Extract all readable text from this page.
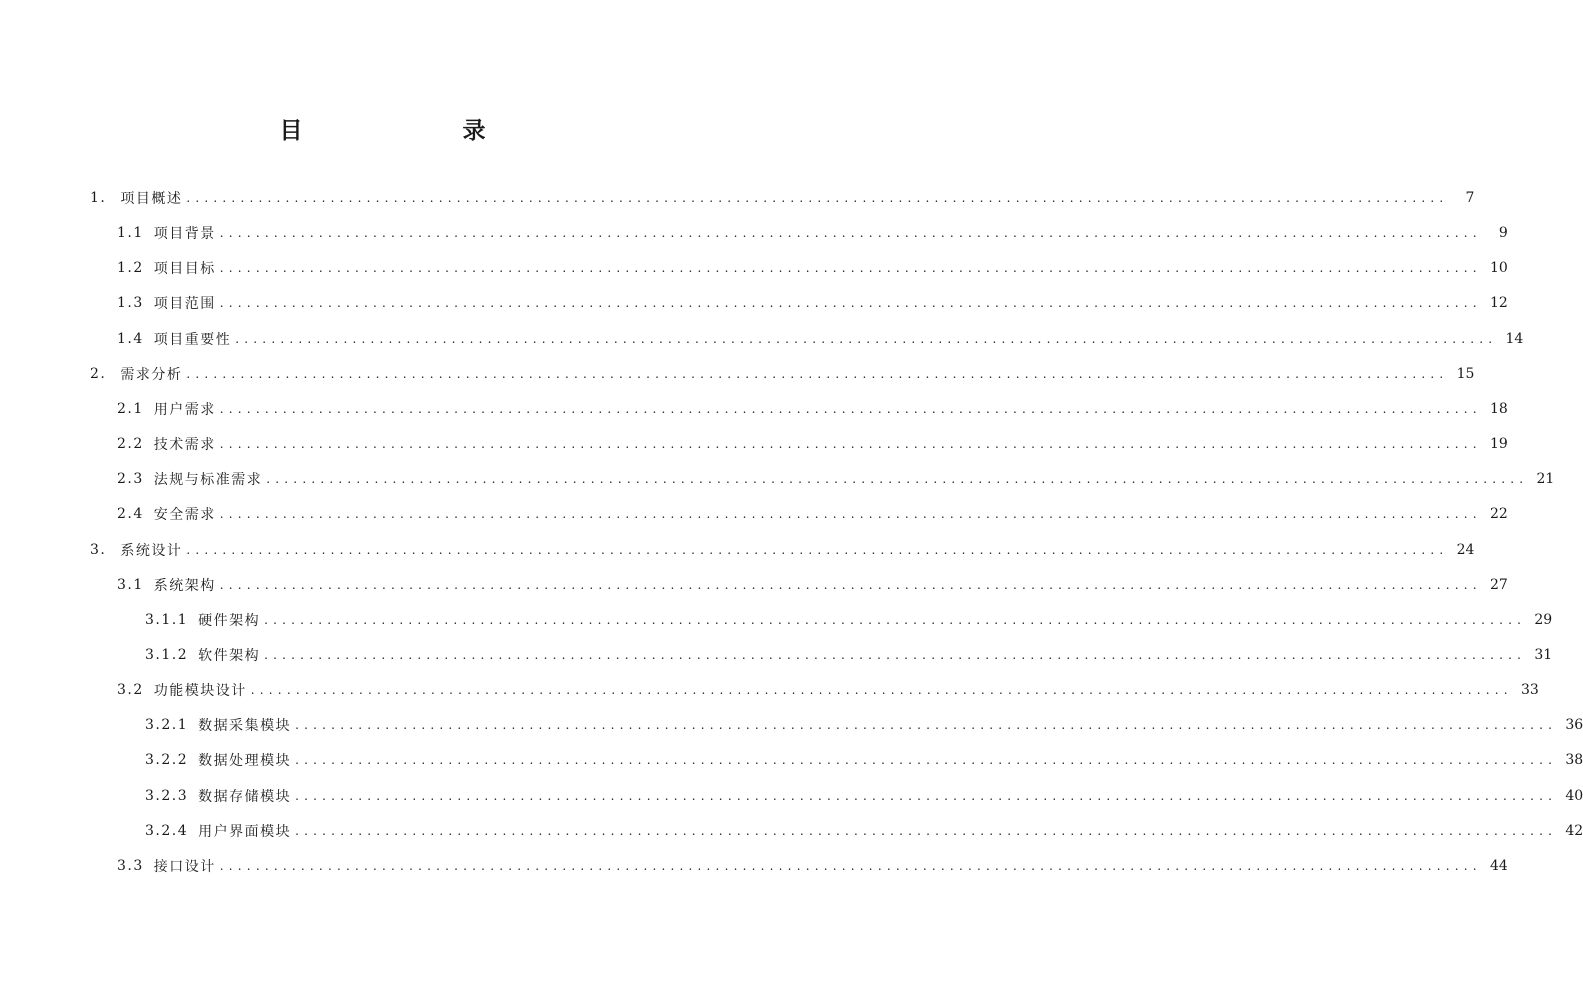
目　　录
1. 项目概述 ............................................................................................................................................	7
1.1 项目背景 ............................................................................................................................................	9
1.2 项目目标 ............................................................................................................................................ 10
1.3 项目范围 ............................................................................................................................................ 12
1.4 项目重要性 ............................................................................................................................................ 14
2. 需求分析 ............................................................................................................................................ 15
2.1 用户需求 ............................................................................................................................................ 18
2.2 技术需求 ............................................................................................................................................ 19
2.3 法规与标准需求 ............................................................................................................................................ 21
2.4 安全需求 ............................................................................................................................................ 22
3. 系统设计 ............................................................................................................................................ 24
3.1 系统架构 ............................................................................................................................................ 27
3.1.1 硬件架构 ............................................................................................................................................ 29
3.1.2 软件架构 ............................................................................................................................................ 31
3.2 功能模块设计 ............................................................................................................................................ 33
3.2.1 数据采集模块 ............................................................................................................................................ 36
3.2.2 数据处理模块 ............................................................................................................................................ 38
3.2.3 数据存储模块 ............................................................................................................................................ 40
3.2.4 用户界面模块 ............................................................................................................................................ 42
3.3 接口设计 ............................................................................................................................................ 44
